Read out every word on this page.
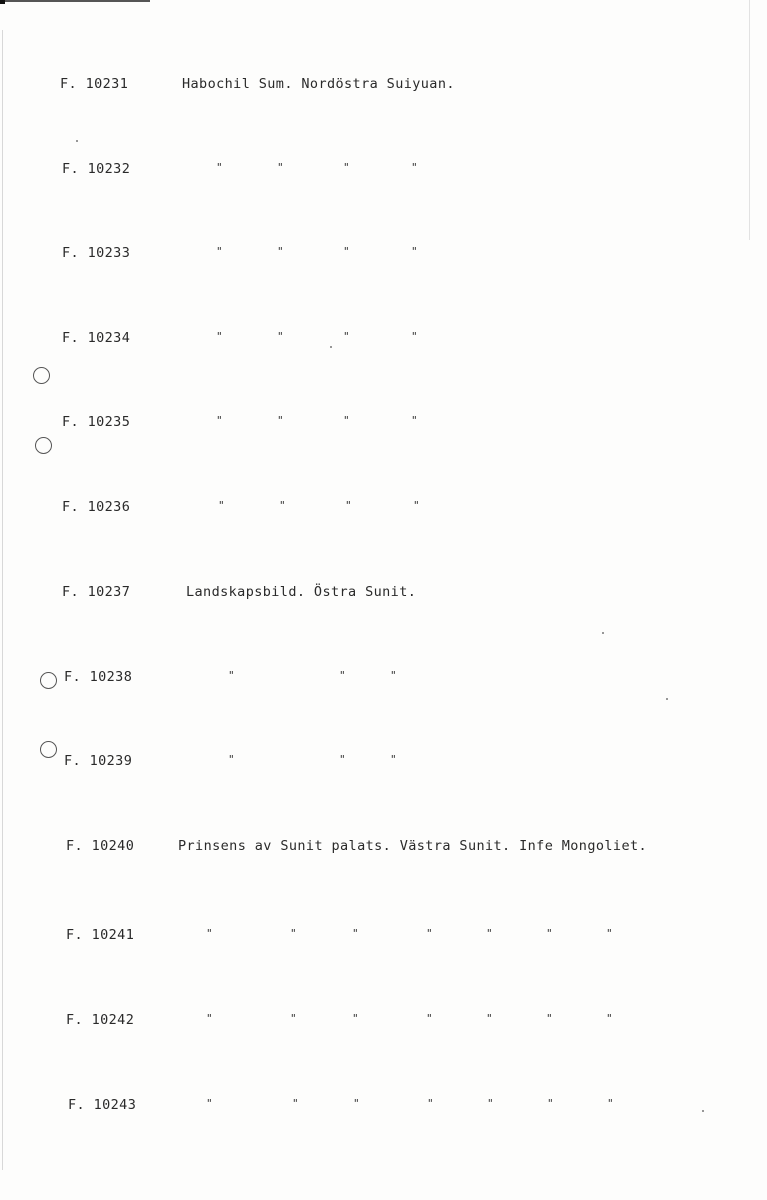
F. 10231	Habochil Sum. Nordöstra Suiyuan.
F. 10232	"	"	"	"
F. 10233	"	"	"	"
F. 10234	"	"	"	"
F. 10235	"	"	"	"
F. 10236	"	"	"	"
F. 10237	Landskapsbild. Östra Sunit.
F. 10238	"	"	"
F. 10239	"	"	"
F. 10240	Prinsens av Sunit palats. Västra Sunit. Infe Mongoliet.
F. 10241	"	"	"	"	"	"	"
F. 10242	"	"	"	"	"	"	"
F. 10243	"	"	"	"	"	"	"
